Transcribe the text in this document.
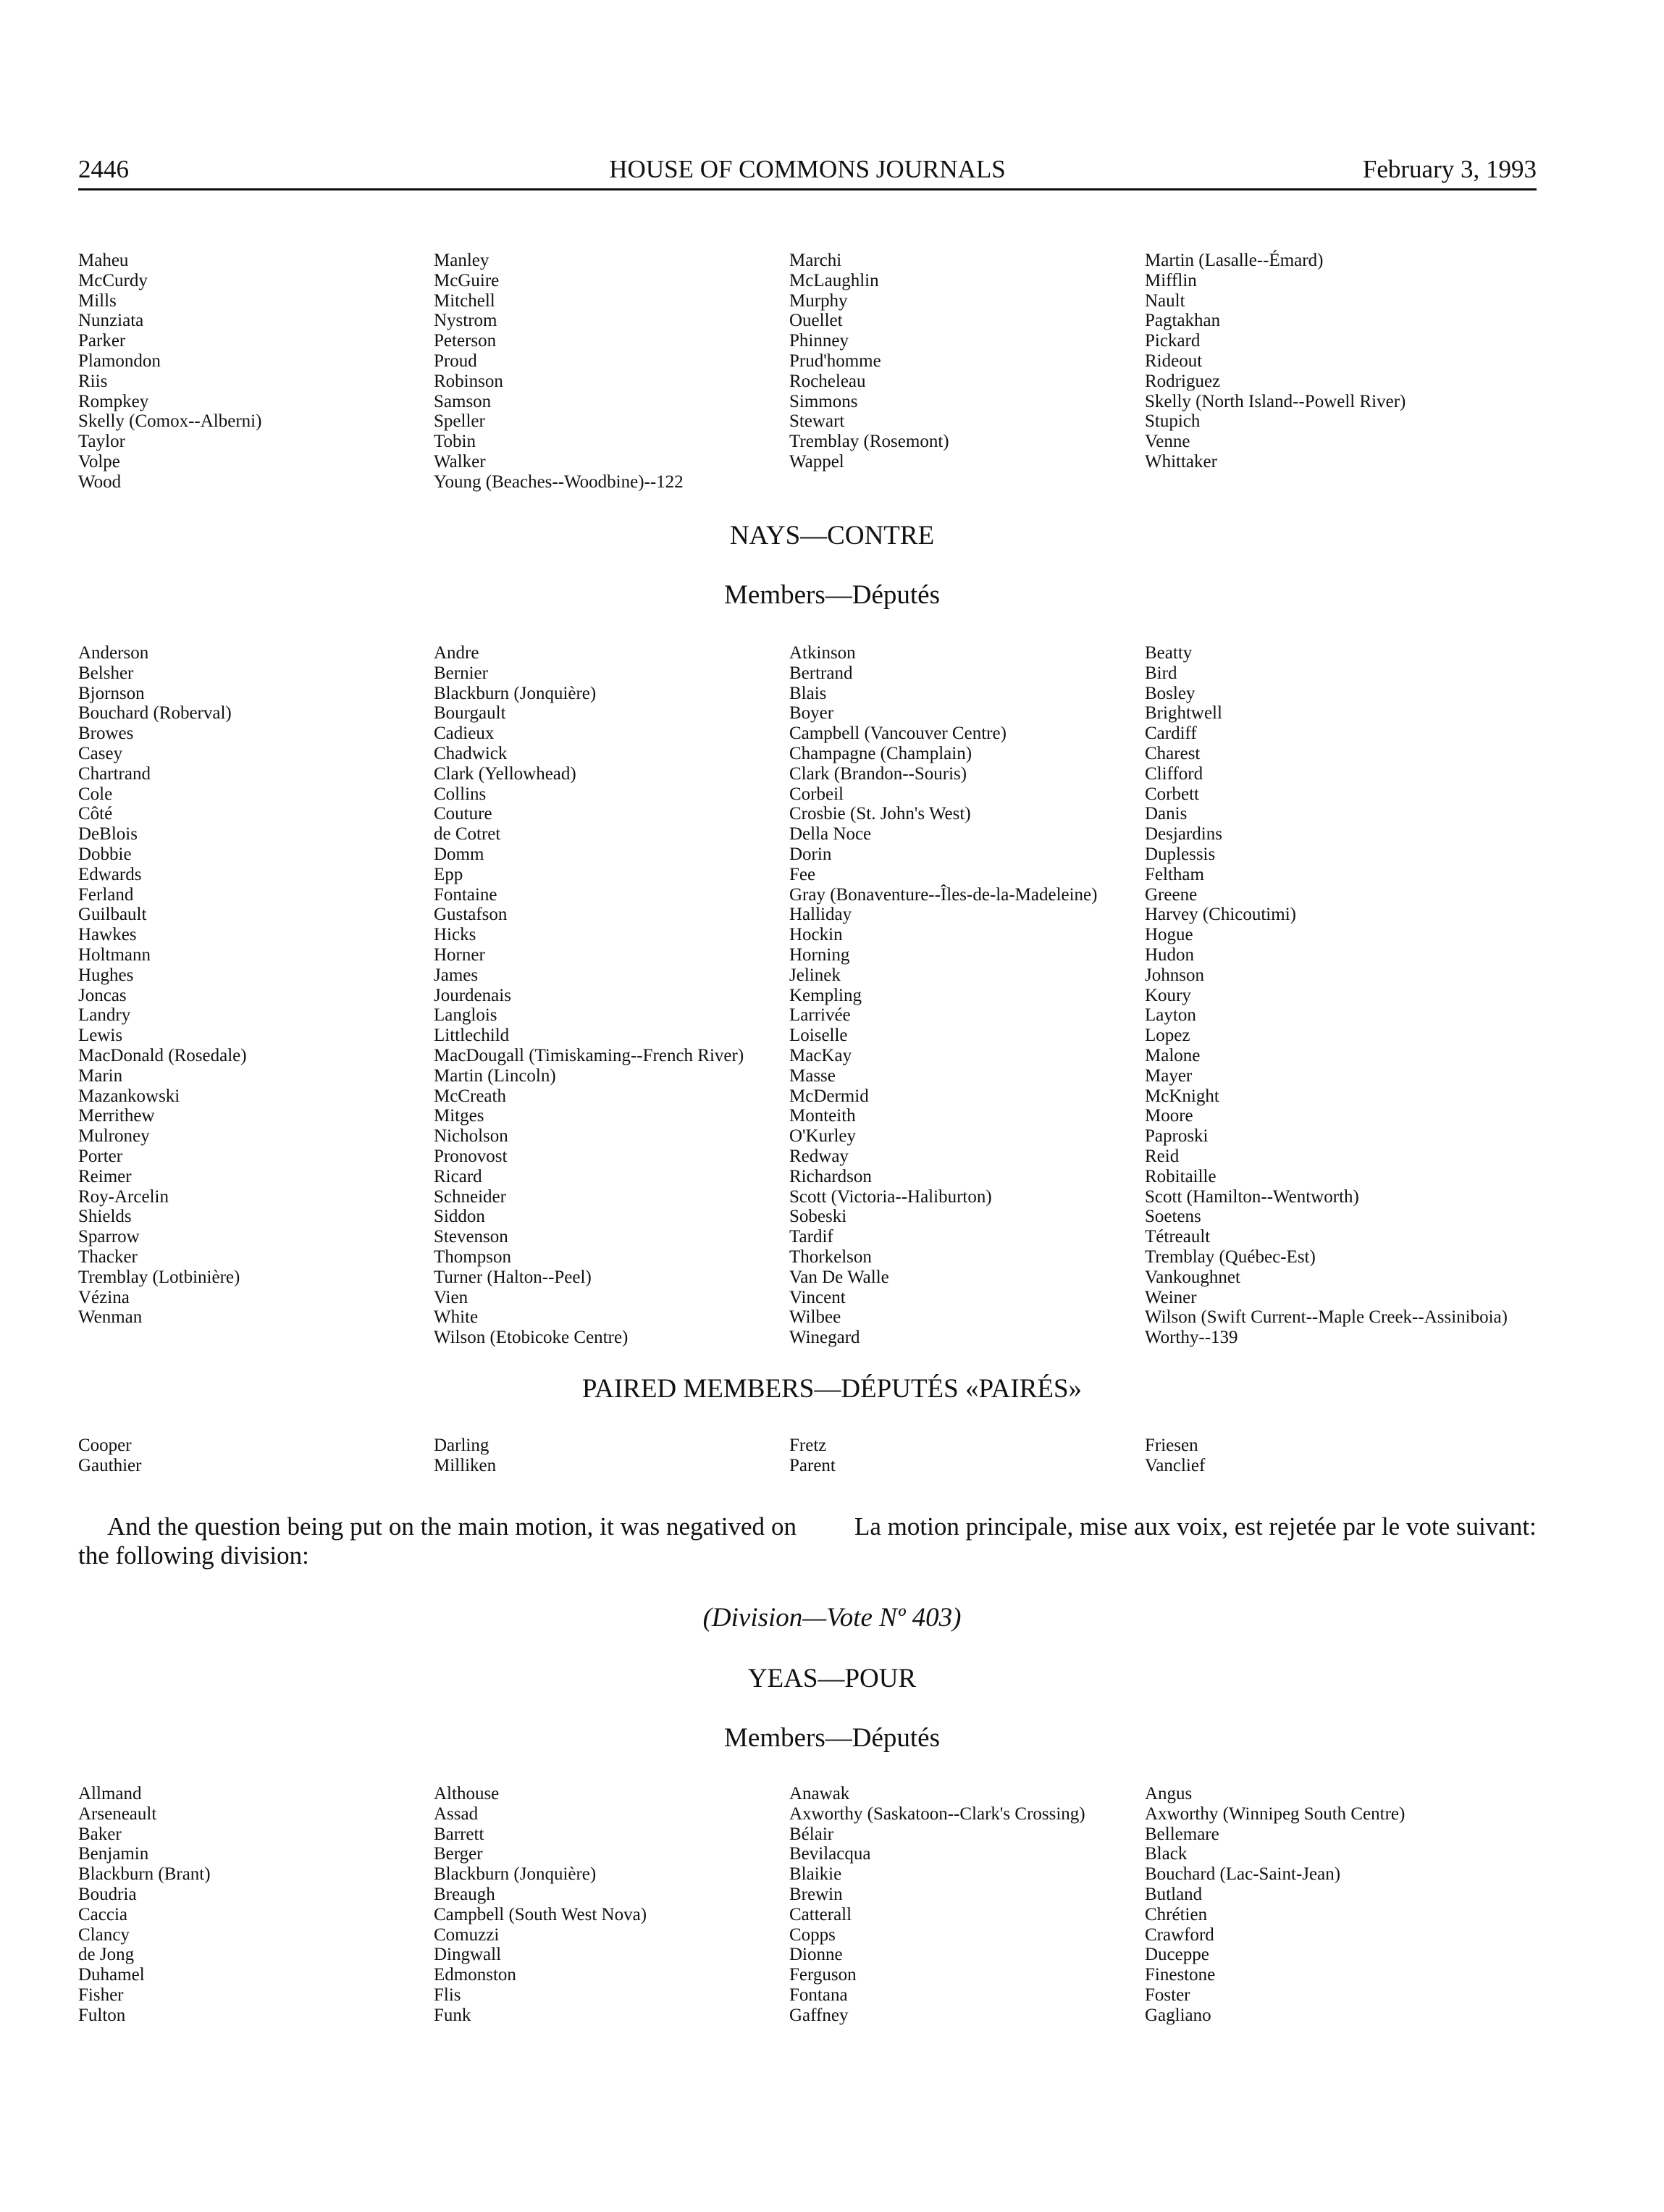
2446	HOUSE OF COMMONS JOURNALS	February 3, 1993
Maheu
McCurdy
Mills
Nunziata
Parker
Plamondon
Riis
Rompkey
Skelly (Comox--Alberni)
Taylor
Volpe
Wood
Manley
McGuire
Mitchell
Nystrom
Peterson
Proud
Robinson
Samson
Speller
Tobin
Walker
Young (Beaches--Woodbine)--122
Marchi
McLaughlin
Murphy
Ouellet
Phinney
Prud'homme
Rocheleau
Simmons
Stewart
Tremblay (Rosemont)
Wappel
Martin (Lasalle--Émard)
Mifflin
Nault
Pagtakhan
Pickard
Rideout
Rodriguez
Skelly (North Island--Powell River)
Stupich
Venne
Whittaker
NAYS—CONTRE
Members—Députés
Anderson
Belsher
Bjornson
Bouchard (Roberval)
Browes
Casey
Chartrand
Cole
Côté
DeBlois
Dobbie
Edwards
Ferland
Guilbault
Hawkes
Holtmann
Hughes
Joncas
Landry
Lewis
MacDonald (Rosedale)
Marin
Mazankowski
Merrithew
Mulroney
Porter
Reimer
Roy-Arcelin
Shields
Sparrow
Thacker
Tremblay (Lotbinière)
Vézina
Wenman
Andre
Bernier
Blackburn (Jonquière)
Bourgault
Cadieux
Chadwick
Clark (Yellowhead)
Collins
Couture
de Cotret
Domm
Epp
Fontaine
Gustafson
Hicks
Horner
James
Jourdenais
Langlois
Littlechild
MacDougall (Timiskaming--French River)
Martin (Lincoln)
McCreath
Mitges
Nicholson
Pronovost
Ricard
Schneider
Siddon
Stevenson
Thompson
Turner (Halton--Peel)
Vien
White
Wilson (Etobicoke Centre)
Atkinson
Bertrand
Blais
Boyer
Campbell (Vancouver Centre)
Champagne (Champlain)
Clark (Brandon--Souris)
Corbeil
Crosbie (St. John's West)
Della Noce
Dorin
Fee
Gray (Bonaventure--Îles-de-la-Madeleine)
Halliday
Hockin
Horning
Jelinek
Kempling
Larrivée
Loiselle
MacKay
Masse
McDermid
Monteith
O'Kurley
Redway
Richardson
Scott (Victoria--Haliburton)
Sobeski
Tardif
Thorkelson
Van De Walle
Vincent
Wilbee
Winegard
Beatty
Bird
Bosley
Brightwell
Cardiff
Charest
Clifford
Corbett
Danis
Desjardins
Duplessis
Feltham
Greene
Harvey (Chicoutimi)
Hogue
Hudon
Johnson
Koury
Layton
Lopez
Malone
Mayer
McKnight
Moore
Paproski
Reid
Robitaille
Scott (Hamilton--Wentworth)
Soetens
Tétreault
Tremblay (Québec-Est)
Vankoughnet
Weiner
Wilson (Swift Current--Maple Creek--Assiniboia)
Worthy--139
PAIRED MEMBERS—DÉPUTÉS «PAIRÉS»
Cooper
Gauthier
Darling
Milliken
Fretz
Parent
Friesen
Vanclief
And the question being put on the main motion, it was negatived on the following division:
La motion principale, mise aux voix, est rejetée par le vote suivant:
(Division—Vote Nº 403)
YEAS—POUR
Members—Députés
Allmand
Arseneault
Baker
Benjamin
Blackburn (Brant)
Boudria
Caccia
Clancy
de Jong
Duhamel
Fisher
Fulton
Althouse
Assad
Barrett
Berger
Blackburn (Jonquière)
Breaugh
Campbell (South West Nova)
Comuzzi
Dingwall
Edmonston
Flis
Funk
Anawak
Axworthy (Saskatoon--Clark's Crossing)
Bélair
Bevilacqua
Blaikie
Brewin
Catterall
Copps
Dionne
Ferguson
Fontana
Gaffney
Angus
Axworthy (Winnipeg South Centre)
Bellemare
Black
Bouchard (Lac-Saint-Jean)
Butland
Chrétien
Crawford
Duceppe
Finestone
Foster
Gagliano
